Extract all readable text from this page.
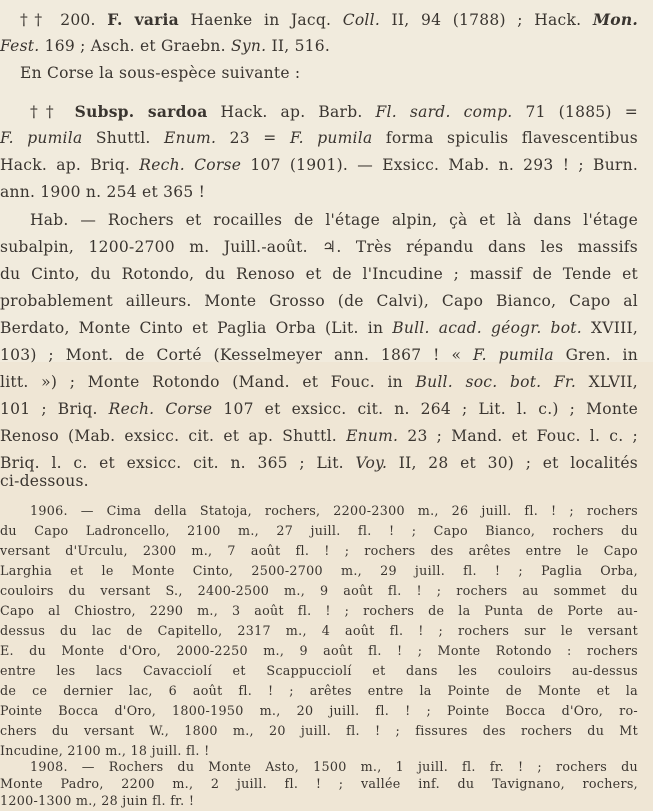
†† 200. F. varia Haenke in Jacq. Coll. II, 94 (1788) ; Hack. Mon.
Fest. 169 ; Asch. et Graebn. Syn. II, 516.
En Corse la sous-espèce suivante :
†† Subsp. sardoa Hack. ap. Barb. Fl. sard. comp. 71 (1885) =
F. pumila Shuttl. Enum. 23 = F. pumila forma spiculis flavescentibus
Hack. ap. Briq. Rech. Corse 107 (1901). — Exsicc. Mab. n. 293 ! ; Burn.
ann. 1900 n. 254 et 365 !
Hab. — Rochers et rocailles de l'étage alpin, çà et là dans l'étage
subalpin, 1200-2700 m. Juill.-août. ♃. Très répandu dans les massifs
du Cinto, du Rotondo, du Renoso et de l'Incudine ; massif de Tende et
probablement ailleurs. Monte Grosso (de Calvi), Capo Bianco, Capo al
Berdato, Monte Cinto et Paglia Orba (Lit. in Bull. acad. géogr. bot. XVIII,
103) ; Mont. de Corté (Kesselmeyer ann. 1867 ! « F. pumila Gren. in
litt. ») ; Monte Rotondo (Mand. et Fouc. in Bull. soc. bot. Fr. XLVII,
101 ; Briq. Rech. Corse 107 et exsicc. cit. n. 264 ; Lit. l. c.) ; Monte
Renoso (Mab. exsicc. cit. et ap. Shuttl. Enum. 23 ; Mand. et Fouc. l. c. ;
Briq. l. c. et exsicc. cit. n. 365 ; Lit. Voy. II, 28 et 30) ; et localités
ci-dessous.
1906. — Cima della Statoja, rochers, 2200-2300 m., 26 juill. fl. ! ; rochers
du Capo Ladroncello, 2100 m., 27 juill. fl. ! ; Capo Bianco, rochers du
versant d'Urculu, 2300 m., 7 août fl. ! ; rochers des arêtes entre le Capo
Larghia et le Monte Cinto, 2500-2700 m., 29 juill. fl. ! ; Paglia Orba,
couloirs du versant S., 2400-2500 m., 9 août fl. ! ; rochers au sommet du
Capo al Chiostro, 2290 m., 3 août fl. ! ; rochers de la Punta de Porte au-
dessus du lac de Capitello, 2317 m., 4 août fl. ! ; rochers sur le versant
E. du Monte d'Oro, 2000-2250 m., 9 août fl. ! ; Monte Rotondo : rochers
entre les lacs Cavacciolí et Scappucciolí et dans les couloirs au-dessus
de ce dernier lac, 6 août fl. ! ; arêtes entre la Pointe de Monte et la
Pointe Bocca d'Oro, 1800-1950 m., 20 juill. fl. ! ; Pointe Bocca d'Oro, ro-
chers du versant W., 1800 m., 20 juill. fl. ! ; fissures des rochers du Mt
Incudine, 2100 m., 18 juill. fl. !
1908. — Rochers du Monte Asto, 1500 m., 1 juill. fl. fr. ! ; rochers du
Monte Padro, 2200 m., 2 juill. fl. ! ; vallée inf. du Tavignano, rochers,
1200-1300 m., 28 juin fl. fr. !
